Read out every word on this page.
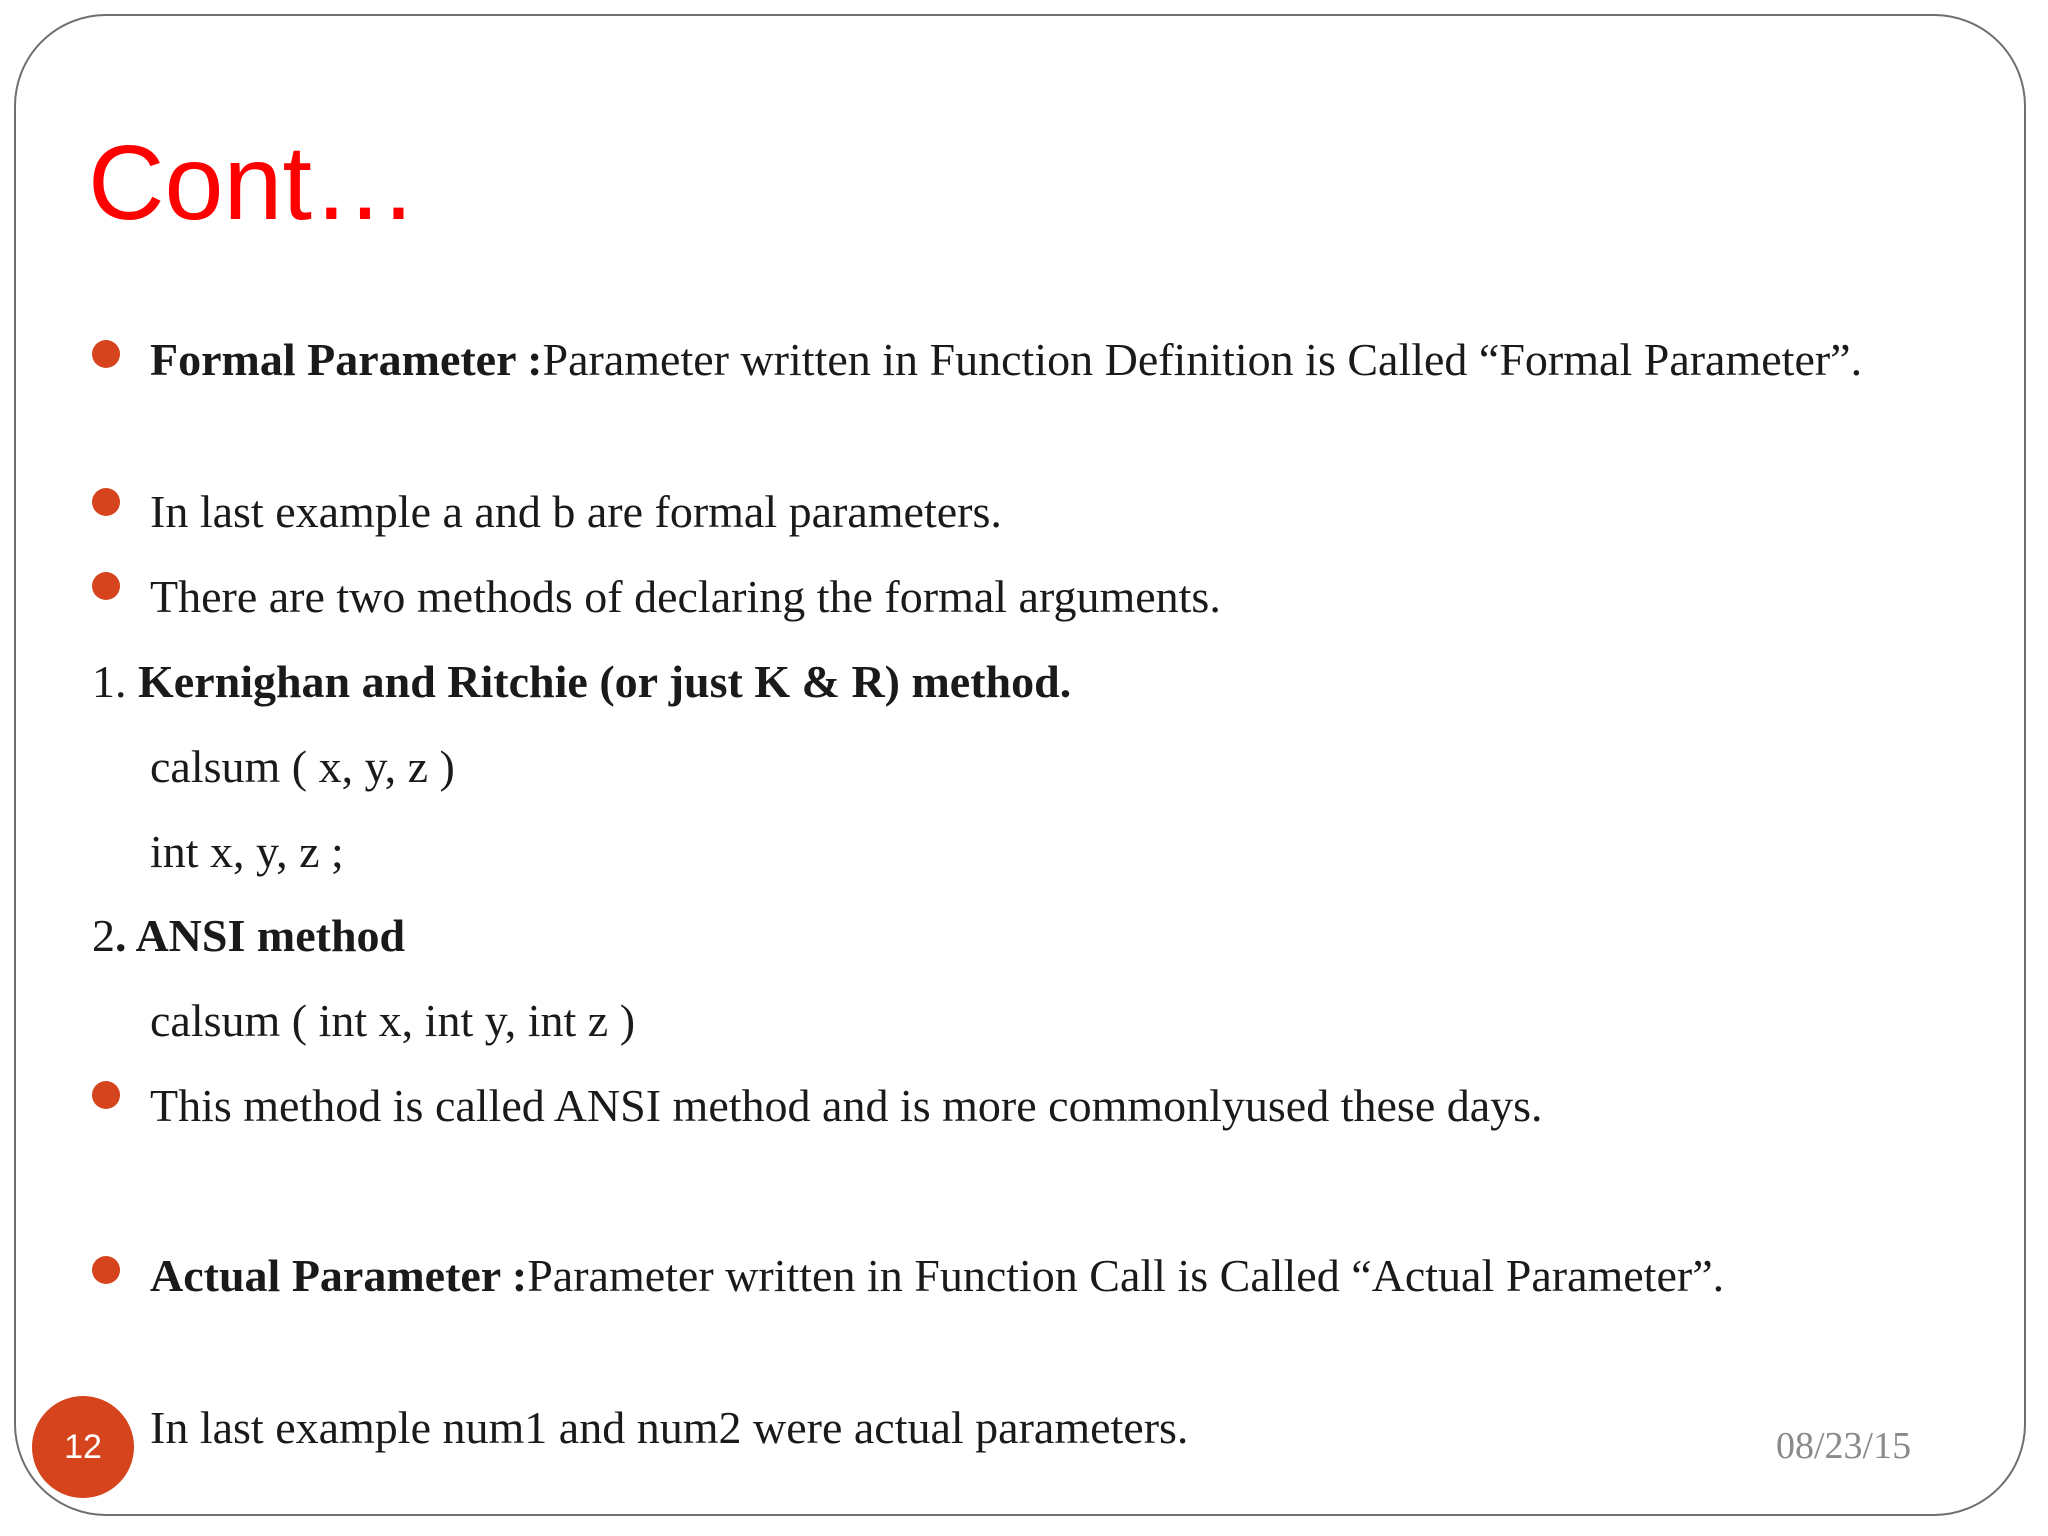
Cont…
Formal Parameter :Parameter written in Function Definition is Called “Formal Parameter”.
In last example a and b are formal parameters.
There are two methods of declaring the formal arguments.
1. Kernighan and Ritchie (or just K & R) method.
calsum ( x, y, z )
int x, y, z ;
2. ANSI method
calsum ( int x, int y, int z )
This method is called ANSI method and is more commonlyused these days.
Actual Parameter :Parameter written in Function Call is Called “Actual Parameter”.
In last example num1 and num2 were actual parameters.
12	08/23/15
